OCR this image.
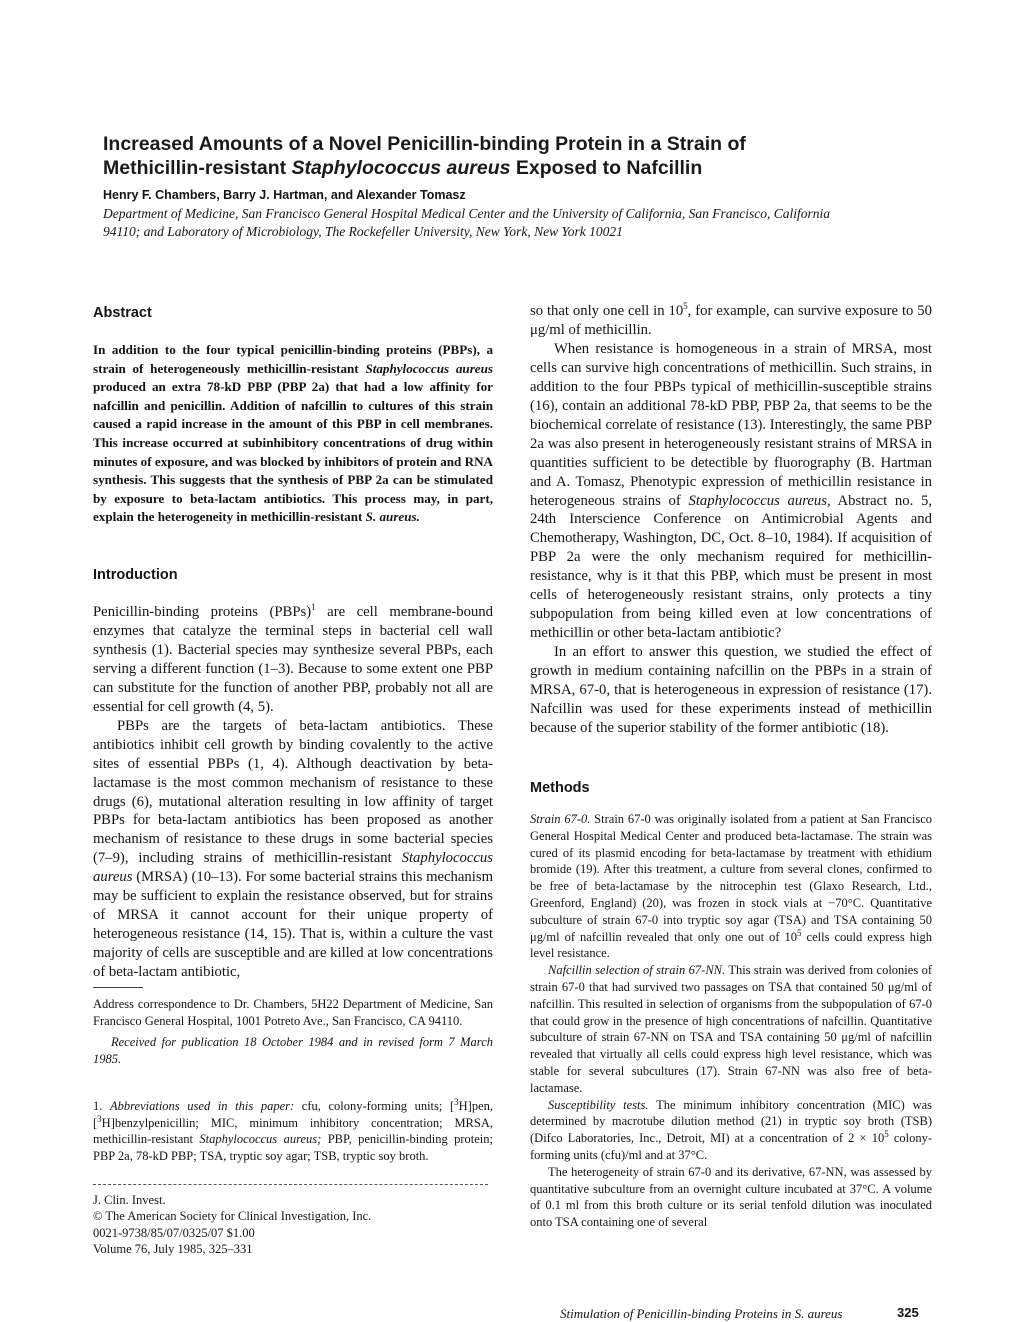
Increased Amounts of a Novel Penicillin-binding Protein in a Strain of
Methicillin-resistant Staphylococcus aureus Exposed to Nafcillin
Henry F. Chambers, Barry J. Hartman, and Alexander Tomasz
Department of Medicine, San Francisco General Hospital Medical Center and the University of California, San Francisco, California
94110; and Laboratory of Microbiology, The Rockefeller University, New York, New York 10021
Abstract

In addition to the four typical penicillin-binding proteins (PBPs), a strain of heterogeneously methicillin-resistant Staphylococcus aureus produced an extra 78-kD PBP (PBP 2a) that had a low affinity for nafcillin and penicillin. Addition of nafcillin to cultures of this strain caused a rapid increase in the amount of this PBP in cell membranes. This increase occurred at subinhibitory concentrations of drug within minutes of exposure, and was blocked by inhibitors of protein and RNA synthesis. This suggests that the synthesis of PBP 2a can be stimulated by exposure to beta-lactam antibiotics. This process may, in part, explain the heterogeneity in methicillin-resistant S. aureus.

Introduction

Penicillin-binding proteins (PBPs)$^1$ are cell membrane-bound enzymes that catalyze the terminal steps in bacterial cell wall synthesis (1). Bacterial species may synthesize several PBPs, each serving a different function (1–3). Because to some extent one PBP can substitute for the function of another PBP, probably not all are essential for cell growth (4, 5).

PBPs are the targets of beta-lactam antibiotics. These antibiotics inhibit cell growth by binding covalently to the active sites of essential PBPs (1, 4). Although deactivation by beta-lactamase is the most common mechanism of resistance to these drugs (6), mutational alteration resulting in low affinity of target PBPs for beta-lactam antibiotics has been proposed as another mechanism of resistance to these drugs in some bacterial species (7–9), including strains of methicillin-resistant Staphylococcus aureus (MRSA) (10–13). For some bacterial strains this mechanism may be sufficient to explain the resistance observed, but for strains of MRSA it cannot account for their unique property of heterogeneous resistance (14, 15). That is, within a culture the vast majority of cells are susceptible and are killed at low concentrations of beta-lactam antibiotic,

Address correspondence to Dr. Chambers, 5H22 Department of Medicine, San Francisco General Hospital, 1001 Potreto Ave., San Francisco, CA 94110.

Received for publication 18 October 1984 and in revised form 7 March 1985.

1. Abbreviations used in this paper: cfu, colony-forming units; [$^3$H]pen, [$^3$H]benzylpenicillin; MIC, minimum inhibitory concentration; MRSA, methicillin-resistant Staphylococcus aureus; PBP, penicillin-binding protein; PBP 2a, 78-kD PBP; TSA, tryptic soy agar; TSB, tryptic soy broth.

J. Clin. Invest.
© The American Society for Clinical Investigation, Inc.
0021-9738/85/07/0325/07 $1.00
Volume 76, July 1985, 325–331

so that only one cell in $10^5$, for example, can survive exposure to 50 μg/ml of methicillin.

When resistance is homogeneous in a strain of MRSA, most cells can survive high concentrations of methicillin. Such strains, in addition to the four PBPs typical of methicillin-susceptible strains (16), contain an additional 78-kD PBP, PBP 2a, that seems to be the biochemical correlate of resistance (13). Interestingly, the same PBP 2a was also present in heterogeneously resistant strains of MRSA in quantities sufficient to be detectible by fluorography (B. Hartman and A. Tomasz, Phenotypic expression of methicillin resistance in heterogeneous strains of Staphylococcus aureus, Abstract no. 5, 24th Interscience Conference on Antimicrobial Agents and Chemotherapy, Washington, DC, Oct. 8–10, 1984). If acquisition of PBP 2a were the only mechanism required for methicillin-resistance, why is it that this PBP, which must be present in most cells of heterogeneously resistant strains, only protects a tiny subpopulation from being killed even at low concentrations of methicillin or other beta-lactam antibiotic?

In an effort to answer this question, we studied the effect of growth in medium containing nafcillin on the PBPs in a strain of MRSA, 67-0, that is heterogeneous in expression of resistance (17). Nafcillin was used for these experiments instead of methicillin because of the superior stability of the former antibiotic (18).

Methods

Strain 67-0. Strain 67-0 was originally isolated from a patient at San Francisco General Hospital Medical Center and produced beta-lactamase. The strain was cured of its plasmid encoding for beta-lactamase by treatment with ethidium bromide (19). After this treatment, a culture from several clones, confirmed to be free of beta-lactamase by the nitrocephin test (Glaxo Research, Ltd., Greenford, England) (20), was frozen in stock vials at −70°C. Quantitative subculture of strain 67-0 into tryptic soy agar (TSA) and TSA containing 50 μg/ml of nafcillin revealed that only one out of $10^5$ cells could express high level resistance.

Nafcillin selection of strain 67-NN. This strain was derived from colonies of strain 67-0 that had survived two passages on TSA that contained 50 μg/ml of nafcillin. This resulted in selection of organisms from the subpopulation of 67-0 that could grow in the presence of high concentrations of nafcillin. Quantitative subculture of strain 67-NN on TSA and TSA containing 50 μg/ml of nafcillin revealed that virtually all cells could express high level resistance, which was stable for several subcultures (17). Strain 67-NN was also free of beta-lactamase.

Susceptibility tests. The minimum inhibitory concentration (MIC) was determined by macrotube dilution method (21) in tryptic soy broth (TSB) (Difco Laboratories, Inc., Detroit, MI) at a concentration of $2 \times 10^5$ colony-forming units (cfu)/ml and at 37°C.

The heterogeneity of strain 67-0 and its derivative, 67-NN, was assessed by quantitative subculture from an overnight culture incubated at 37°C. A volume of 0.1 ml from this broth culture or its serial tenfold dilution was inoculated onto TSA containing one of several

Stimulation of Penicillin-binding Proteins in S. aureus	325
